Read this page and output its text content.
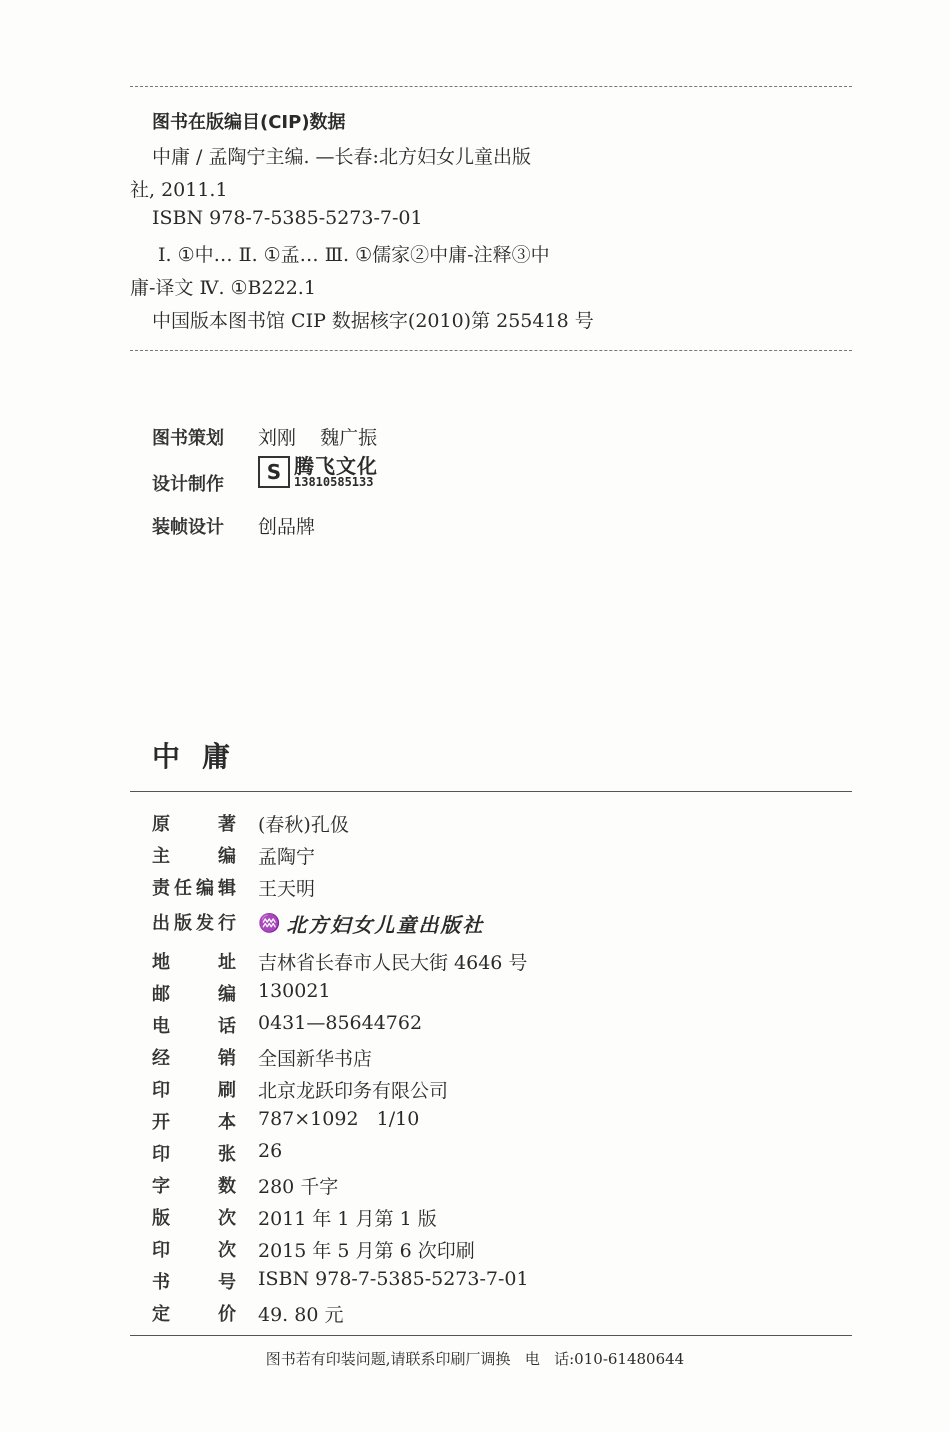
图书在版编目(CIP)数据
中庸 / 孟陶宁主编. —长春:北方妇女儿童出版
社, 2011.1
ISBN 978-7-5385-5273-7-01
Ⅰ. ①中… Ⅱ. ①孟… Ⅲ. ①儒家②中庸-注释③中
庸-译文 Ⅳ. ①B222.1
中国版本图书馆 CIP 数据核字(2010)第 255418 号
图书策划 刘刚    魏广振
设计制作
S 腾飞文化
13810585133
装帧设计 创品牌
中庸
原著 (春秋)孔伋
主编 孟陶宁
责任编辑 王天明
出版发行 ♒ 北方妇女儿童出版社
地址 吉林省长春市人民大街 4646 号
邮编 130021
电话 0431—85644762
经销 全国新华书店
印刷 北京龙跃印务有限公司
开本 787×1092   1/10
印张 26
字数 280 千字
版次 2011 年 1 月第 1 版
印次 2015 年 5 月第 6 次印刷
书号 ISBN 978-7-5385-5273-7-01
定价 49. 80 元
图书若有印装问题,请联系印刷厂调换   电   话:010-61480644
